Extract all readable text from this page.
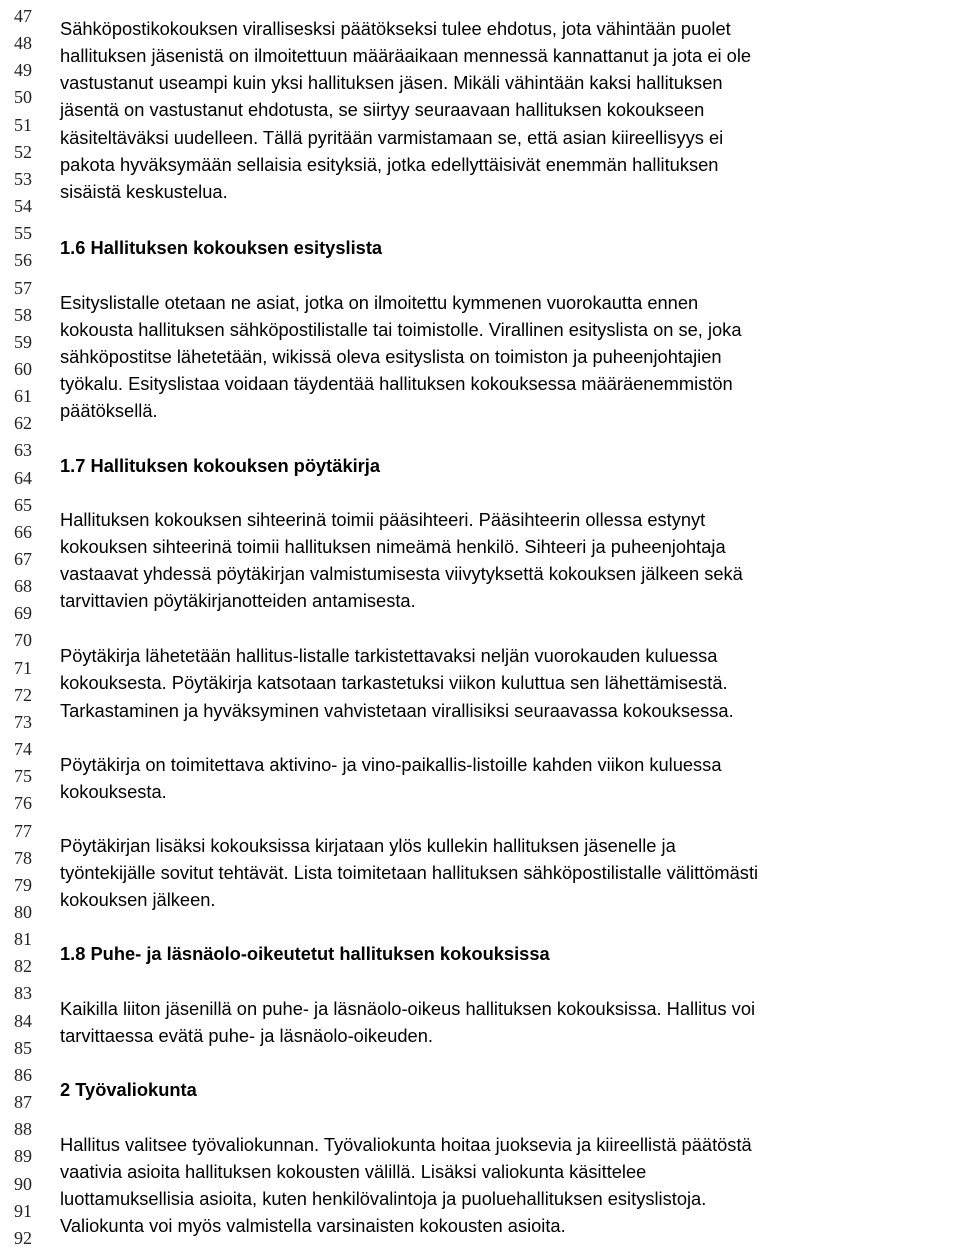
47
48
49
50
51
52
53
54
55
56
57
58
59
60
61
62
63
64
65
66
67
68
69
70
71
72
73
74
75
76
77
78
79
80
81
82
83
84
85
86
87
88
89
90
91
92
Sähköpostikokouksen virallisesksi päätökseksi tulee ehdotus, jota vähintään puolet
hallituksen jäsenistä on ilmoitettuun määräaikaan mennessä kannattanut ja jota ei ole
vastustanut useampi kuin yksi hallituksen jäsen. Mikäli vähintään kaksi hallituksen
jäsentä on vastustanut ehdotusta, se siirtyy seuraavaan hallituksen kokoukseen
käsiteltäväksi uudelleen. Tällä pyritään varmistamaan se, että asian kiireellisyys ei
pakota hyväksymään sellaisia esityksiä, jotka edellyttäisivät enemmän hallituksen
sisäistä keskustelua.
1.6 Hallituksen kokouksen esityslista
Esityslistalle otetaan ne asiat, jotka on ilmoitettu kymmenen vuorokautta ennen
kokousta hallituksen sähköpostilistalle tai toimistolle. Virallinen esityslista on se, joka
sähköpostitse lähetetään, wikissä oleva esityslista on toimiston ja puheenjohtajien
työkalu. Esityslistaa voidaan täydentää hallituksen kokouksessa määräenemmistön
päätöksellä.
1.7 Hallituksen kokouksen pöytäkirja
Hallituksen kokouksen sihteerinä toimii pääsihteeri. Pääsihteerin ollessa estynyt
kokouksen sihteerinä toimii hallituksen nimeämä henkilö. Sihteeri ja puheenjohtaja
vastaavat yhdessä pöytäkirjan valmistumisesta viivytyksettä kokouksen jälkeen sekä
tarvittavien pöytäkirjanotteiden antamisesta.
Pöytäkirja lähetetään hallitus-listalle tarkistettavaksi neljän vuorokauden kuluessa
kokouksesta. Pöytäkirja katsotaan tarkastetuksi viikon kuluttua sen lähettämisestä.
Tarkastaminen ja hyväksyminen vahvistetaan virallisiksi seuraavassa kokouksessa.
Pöytäkirja on toimitettava aktivino- ja vino-paikallis-listoille kahden viikon kuluessa
kokouksesta.
Pöytäkirjan lisäksi kokouksissa kirjataan ylös kullekin hallituksen jäsenelle ja
työntekijälle sovitut tehtävät. Lista toimitetaan hallituksen sähköpostilistalle välittömästi
kokouksen jälkeen.
1.8 Puhe- ja läsnäolo-oikeutetut hallituksen kokouksissa
Kaikilla liiton jäsenillä on puhe- ja läsnäolo-oikeus hallituksen kokouksissa. Hallitus voi
tarvittaessa evätä puhe- ja läsnäolo-oikeuden.
2 Työvaliokunta
Hallitus valitsee työvaliokunnan. Työvaliokunta hoitaa juoksevia ja kiireellistä päätöstä
vaativia asioita hallituksen kokousten välillä. Lisäksi valiokunta käsittelee
luottamuksellisia asioita, kuten henkilövalintoja ja puoluehallituksen esityslistoja.
Valiokunta voi myös valmistella varsinaisten kokousten asioita.
